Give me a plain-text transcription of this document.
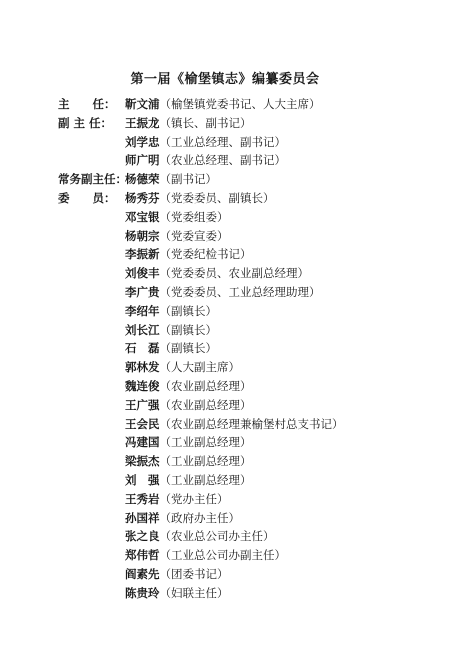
第一届《榆堡镇志》编纂委员会
主　　任： 靳文浦（榆堡镇党委书记、人大主席）
副 主 任：	王振龙（镇长、副书记）
刘学忠（工业总经理、副书记）
师广明（农业总经理、副书记）
常务副主任：
杨德荣（副书记）
委　　员： 杨秀芬（党委委员、副镇长）
邓宝银（党委组委）
杨朝宗（党委宣委）
李振新（党委纪检书记）
刘俊丰（党委委员、农业副总经理）
李广贵（党委委员、工业总经理助理）
李绍年（副镇长）
刘长江（副镇长）
石　磊（副镇长）
郭林发（人大副主席）
魏连俊（农业副总经理）
王广强（农业副总经理）
王会民（农业副总经理兼榆堡村总支书记）
冯建国（工业副总经理）
梁振杰（工业副总经理）
刘　强（工业副总经理）
王秀岩（党办主任）
孙国祥（政府办主任）
张之良（农业总公司办主任）
郑伟哲（工业总公司办副主任）
阎素先（团委书记）
陈贵玲（妇联主任）
